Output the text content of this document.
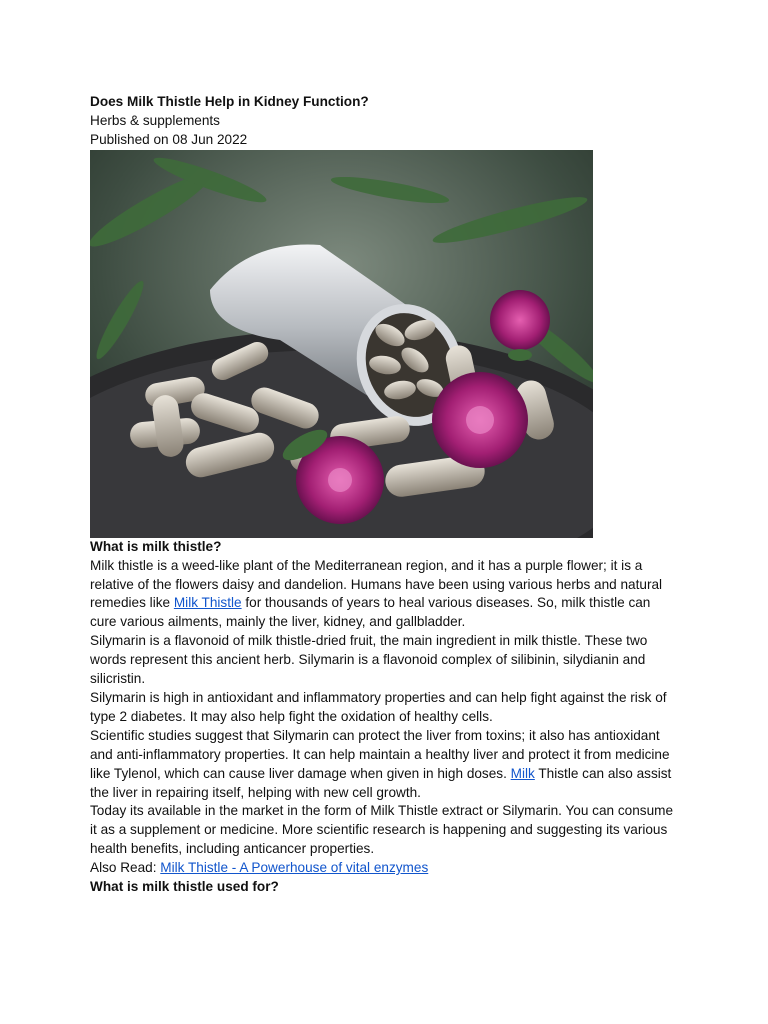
Does Milk Thistle Help in Kidney Function?
Herbs & supplements
Published on 08 Jun 2022
What is milk thistle?

Milk thistle is a weed-like plant of the Mediterranean region, and it has a purple flower; it is a relative of the flowers daisy and dandelion. Humans have been using various herbs and natural remedies like Milk Thistle for thousands of years to heal various diseases. So, milk thistle can cure various ailments, mainly the liver, kidney, and gallbladder.

Silymarin is a flavonoid of milk thistle-dried fruit, the main ingredient in milk thistle. These two words represent this ancient herb. Silymarin is a flavonoid complex of silibinin, silydianin and silicristin.

Silymarin is high in antioxidant and inflammatory properties and can help fight against the risk of type 2 diabetes. It may also help fight the oxidation of healthy cells.

Scientific studies suggest that Silymarin can protect the liver from toxins; it also has antioxidant and anti-inflammatory properties. It can help maintain a healthy liver and protect it from medicine like Tylenol, which can cause liver damage when given in high doses. Milk Thistle can also assist the liver in repairing itself, helping with new cell growth.

Today its available in the market in the form of Milk Thistle extract or Silymarin. You can consume it as a supplement or medicine. More scientific research is happening and suggesting its various health benefits, including anticancer properties.

Also Read: Milk Thistle - A Powerhouse of vital enzymes

What is milk thistle used for?
